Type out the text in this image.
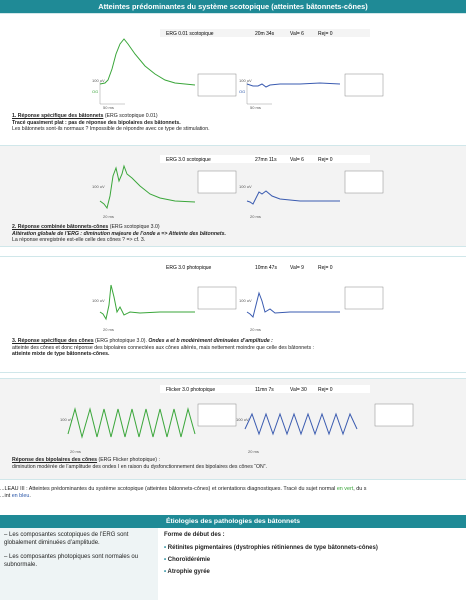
Atteintes prédominantes du système scotopique (atteintes bâtonnets-cônes)
ERG 0.01 scotopique	20m 34s	Val= 6	Rej= 0
100 uV
OG
100 uV
OG
50 ms	50 ms
1. Réponse spécifique des bâtonnets (ERG scotopique 0.01)
Tracé quasiment plat : pas de réponse des bipolaires des bâtonnets.
Les bâtonnets sont-ils normaux ? Impossible de répondre avec ce type de stimulation.
ERG 3.0 scotopique	27mn 11s	Val= 6	Rej= 0
100 uV	100 uV
20 ms	20 ms
2. Réponse combinée bâtonnets-cônes (ERG scotopique 3.0)
Altération globale de l’ERG : diminution majeure de l’onde a => Atteinte des bâtonnets.
La réponse enregistrée est-elle celle des cônes ? => cf. 3.
ERG 3.0 photopique	10mn 47s	Val= 9	Rej= 0
100 uV	100 uV
20 ms	20 ms
3. Réponse spécifique des cônes (ERG photopique 3.0). Ondes a et b modérément diminuées d’amplitude :
atteinte des cônes et donc réponse des bipolaires connectées aux cônes altérés, mais nettement moindre que celle des bâtonnets :
atteinte mixte de type bâtonnets-cônes.
Flicker 3.0 photopique	11mn 7s	Val= 30 Rej= 0
100 uV	100 uV
20 ms	20 ms
Réponse des bipolaires des cônes (ERG Flicker photopique) :
diminution modérée de l’amplitude des ondes I en raison du dysfonctionnement des bipolaires des cônes “ON”.
...LEAU III : Atteintes prédominantes du système scotopique (atteintes bâtonnets-cônes) et orientations diagnostiques. Tracé du sujet normal en vert, du s
...int en bleu.
Étiologies des pathologies des bâtonnets
– Les composantes scotopiques de l’ERG sont globalement diminuées d’amplitude.
– Les composantes photopiques sont normales ou subnormale.
Forme de début des :
• Rétinites pigmentaires (dystrophies rétiniennes de type bâtonnets-cônes)
• Choroïdérémie
• Atrophie gyrée
